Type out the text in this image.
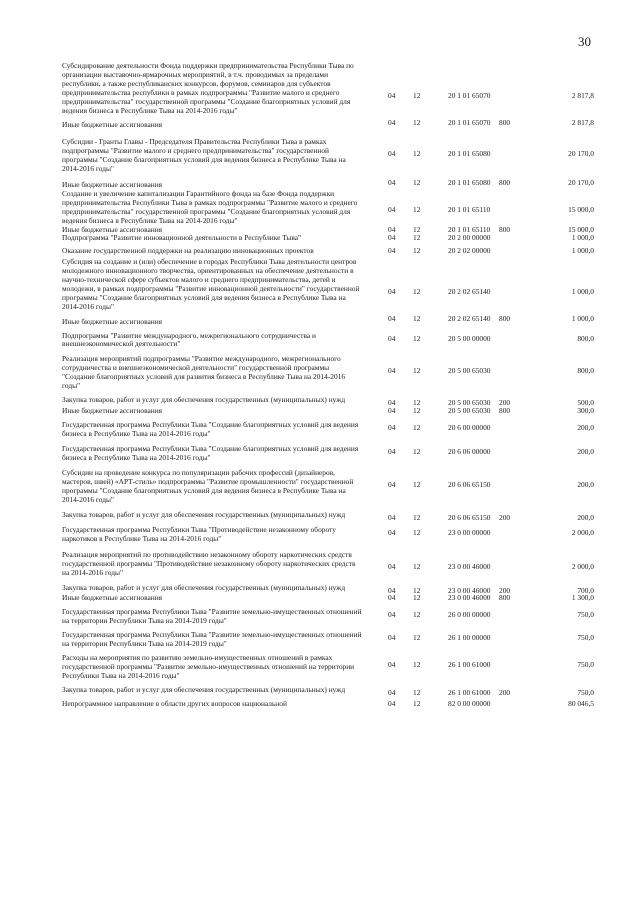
30
Субсидирование деятельности Фонда поддержки предпринимательства Республики Тыва по организации выставочно-ярмарочных мероприятий, в т.ч. проводимых за пределами республики, а также республиканских конкурсов, форумов, семинаров для субъектов предпринимательства республики в рамках подпрограммы "Развитие малого и среднего предпринимательства" государственной программы "Создание благоприятных условий для ведения бизнеса в Республике Тыва на 2014-2016 годы"
04 12	20 1 01 65070	2 817,8
Иные бюджетные ассигнования	04 12	20 1 01 65070 800	2 817,8
Субсидии - Гранты Главы - Председателя Правительства Республики Тыва в рамках подпрограммы "Развитие малого и среднего предпринимательства" государственной программы "Создание благоприятных условий для ведения бизнеса в Республике Тыва на 2014-2016 годы"
04 12	20 1 01 65080	20 170,0
Иные бюджетные ассигнования	04 12	20 1 01 65080 800	20 170,0
Создание и увеличение капитализации Гарантийного фонда на базе Фонда поддержки предпринимательства Республики Тыва в рамках подпрограммы "Развитие малого и среднего предпринимательства" государственной программы "Создание благоприятных условий для ведения бизнеса в Республике Тыва на 2014-2016 годы"
04 12	20 1 01 65110	15 000,0
Иные бюджетные ассигнования	04 12	20 1 01 65110 800	15 000,0
Подпрограмма "Развитие инновационной деятельности в Республике Тыва"	04 12	20 2 00 00000	1 000,0
Оказание государственной поддержки на реализацию инновационных проектов	04 12	20 2 02 00000	1 000,0
Субсидия на создание и (или) обеспечение в городах Республики Тыва деятельности центров молодежного инновационного творчества, ориентированных на обеспечение деятельности в научно-технической сфере субъектов малого и среднего предпринимательства, детей и молодежи, в рамках подпрограммы "Развитие инновационной деятельности" государственной программы "Создание благоприятных условий для ведения бизнеса в Республике Тыва на 2014-2016 годы"
04 12	20 2 02 65140	1 000,0
Иные бюджетные ассигнования	04 12	20 2 02 65140 800	1 000,0
Подпрограмма "Развитие международного, межрегионального сотрудничества и внешнеэкономической деятельности"
04 12	20 5 00 00000	800,0
Реализация мероприятий подпрограммы "Развитие международного, межрегионального сотрудничества и внешнеэкономической деятельности" государственной программы "Создание благоприятных условий для развития бизнеса в Республике Тыва на 2014-2016 годы"
04 12	20 5 00 65030	800,0
Закупка товаров, работ и услуг для обеспечения государственных (муниципальных) нужд	04 12	20 5 00 65030 200	500,0
Иные бюджетные ассигнования	04 12	20 5 00 65030 800	300,0
Государственная программа Республики Тыва "Создание благоприятных условий для ведения бизнеса в Республике Тыва на 2014-2016 годы"
04 12	20 6 00 00000	200,0
Государственная программа Республики Тыва "Создание благоприятных условий для ведения бизнеса в Республике Тыва на 2014-2016 годы"
04 12	20 6 06 00000	200,0
Субсидии на проведение конкурса по популяризации рабочих профессий (дизайнеров, мастеров, швей) «АРТ-стиль» подпрограммы "Развитие промышленности" государственной программы "Создание благоприятных условий для ведения бизнеса в Республике Тыва на 2014-2016 годы"
04 12	20 6 06 65150	200,0
Закупка товаров, работ и услуг для обеспечения государственных (муниципальных) нужд	04 12	20 6 06 65150 200	200,0
Государственная программа Республики Тыва "Противодействие незаконному обороту наркотиков в Республике Тыва на 2014-2016 годы"
04 12	23 0 00 00000	2 000,0
Реализация мероприятий по противодействию незаконному обороту наркотических средств государственной программы "Противодействие незаконному обороту наркотических средств на 2014-2016 годы"
04 12	23 0 00 46000	2 000,0
Закупка товаров, работ и услуг для обеспечения государственных (муниципальных) нужд	04 12	23 0 00 46000 200	700,0
Иные бюджетные ассигнования	04 12	23 0 00 46000 800	1 300,0
Государственная программа Республики Тыва "Развитие земельно-имущественных отношений на территории Республики Тыва на 2014-2019 годы"
04 12	26 0 00 00000	750,0
Государственная программа Республики Тыва "Развитие земельно-имущественных отношений на территории Республики Тыва на 2014-2019 годы"
04 12	26 1 00 00000	750,0
Расходы на мероприятия по развитию земельно-имущественных отношений в рамках государственной программы "Развитие земельно-имущественных отношений на территории Республики Тыва на 2014-2016 годы"
04 12	26 1 00 61000	750,0
Закупка товаров, работ и услуг для обеспечения государственных (муниципальных) нужд	04 12	26 1 00 61000 200	750,0
Непрограммное направление в области других вопросов национальной	04 12	82 0 00 00000	80 046,5
